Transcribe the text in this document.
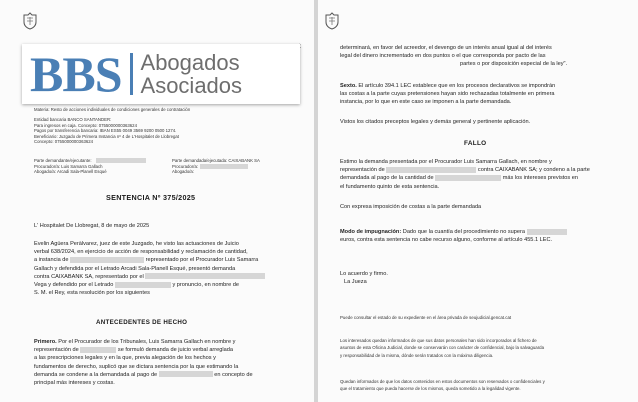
BBS Abogados
Asociados
Materia: Resto de acciones individuales de condiciones generales de contratación
Entidad bancaria BANCO SANTANDER:
Para ingresos en caja. Concepto: 0755000000363624
Pagos por transferencia bancaria: IBAN ES55 0049 3569 9200 0500 1274.
Beneficiario: Juzgado de Primera Instancia nº 4 de L'Hospitalet de Llobregat
Concepto: 0755000000363624
Parte demandante/ejecutante:
Procurador/a: Luis Samarra Gallach
Abogado/a: Arcadi Sala-Planell Esqué
Parte demandada/ejecutada: CAIXABANK SA
Procurador/a:
Abogado/a:
SENTENCIA Nº 375/2025
L' Hospitalet De Llobregat, 8 de mayo de 2025
Evelin Agüera Peràlvarez, juez de este Juzgado, he visto las actuaciones de Juicio
verbal 638/2024, en ejercicio de acción de responsabilidad y reclamación de cantidad,
a instancia de	representado por el Procurador Luis Samarra
Gallach y defendida por el Letrado Arcadi Sala-Planell Esqué, presentó demanda
contra CAIXABANK SA, representado por el
Vega y defendido por el Letrado	y pronuncio, en nombre de
S. M. el Rey, esta resolución por los siguientes
ANTECEDENTES DE HECHO
Primero. Por el Procurador de los Tribunales, Luis Samarra Gallach en nombre y
representación de	se formuló demanda de juicio verbal arreglada
a las prescripciones legales y en la que, previa alegación de los hechos y
fundamentos de derecho, suplicó que se dictara sentencia por la que estimando la
demanda se condene a la demandada al pago de	en concepto de
principal más intereses y costas.
determinará, en favor del acreedor, el devengo de un interés anual igual al del interés
legal del dinero incrementado en dos puntos o el que corresponda por pacto de las
partes o por disposición especial de la ley".
Sexto. El artículo 394.1 LEC establece que en los procesos declarativos se impondrán
las costas a la parte cuyas pretensiones hayan sido rechazadas totalmente en primera
instancia, por lo que en este caso se imponen a la parte demandada.
Vistos los citados preceptos legales y demás general y pertinente aplicación.
FALLO
Estimo la demanda presentada por el Procurador Luis Samarra Gallach, en nombre y
representación de	contra CAIXABANK SA; y condeno a la parte
demandada al pago de la cantidad de	más los intereses previstos en
el fundamento quinto de esta sentencia.
Con expresa imposición de costas a la parte demandada
Modo de impugnación: Dado que la cuantía del procedimiento no supera
euros, contra esta sentencia no cabe recurso alguno, conforme al artículo 455.1 LEC.
Lo acuerdo y firmo.
La Jueza
Puede consultar el estado de su expediente en el área privada de seujudicial.gencat.cat
Los interesados quedan informados de que sus datos personales han sido incorporados al fichero de
asuntos de esta Oficina Judicial, donde se conservarán con carácter de confidencial, bajo la salvaguarda
y responsabilidad de la misma, dónde serán tratados con la máxima diligencia.
Quedan informados de que los datos contenidos en estos documentos son reservados o confidenciales y
que el tratamiento que pueda hacerse de los mismos, queda sometido a la legalidad vigente.
